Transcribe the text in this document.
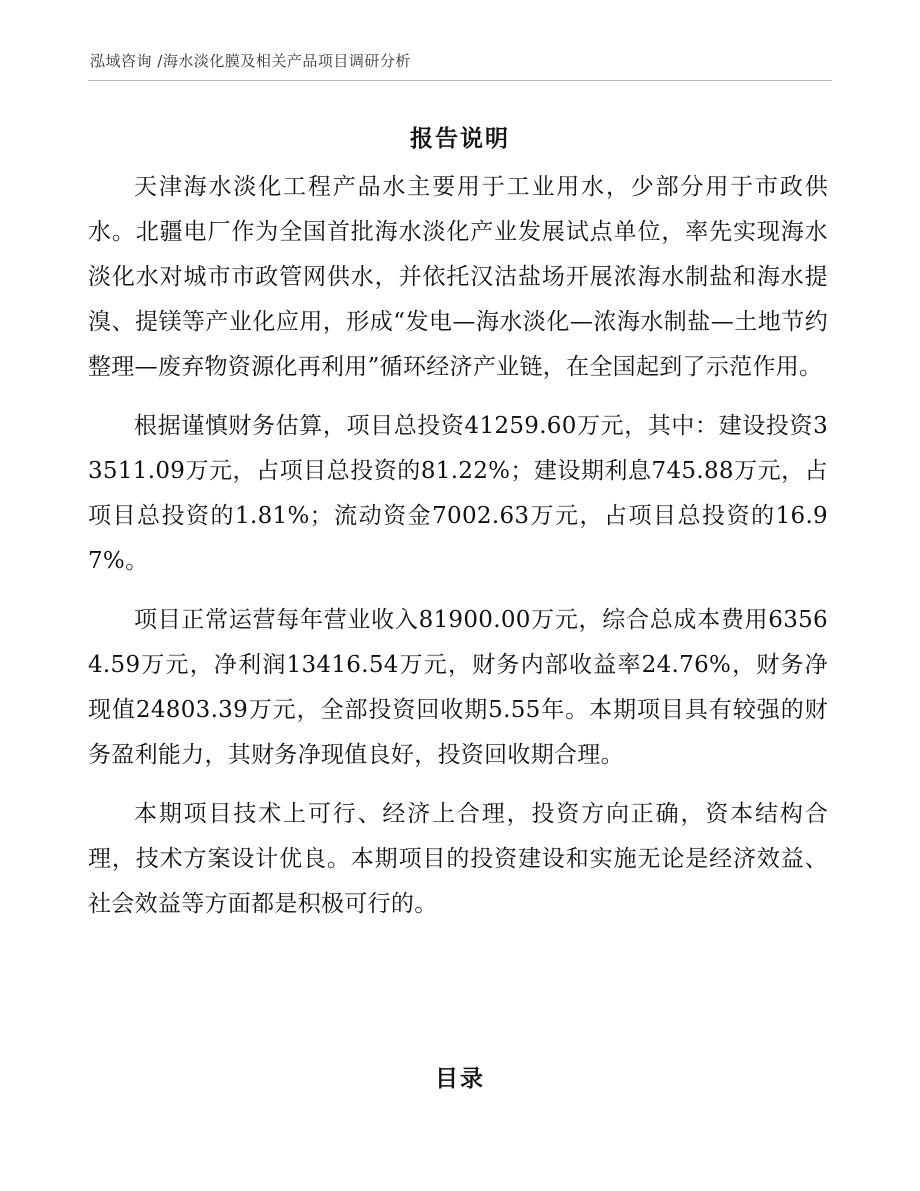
泓域咨询 /海水淡化膜及相关产品项目调研分析
报告说明

天津海水淡化工程产品水主要用于工业用水，少部分用于市政供水。北疆电厂作为全国首批海水淡化产业发展试点单位，率先实现海水淡化水对城市市政管网供水，并依托汉沽盐场开展浓海水制盐和海水提溴、提镁等产业化应用，形成“发电—海水淡化—浓海水制盐—土地节约整理—废弃物资源化再利用”循环经济产业链，在全国起到了示范作用。

根据谨慎财务估算，项目总投资41259.60万元，其中：建设投资33511.09万元，占项目总投资的81.22%；建设期利息745.88万元，占项目总投资的1.81%；流动资金7002.63万元，占项目总投资的16.97%。

项目正常运营每年营业收入81900.00万元，综合总成本费用63564.59万元，净利润13416.54万元，财务内部收益率24.76%，财务净现值24803.39万元，全部投资回收期5.55年。本期项目具有较强的财务盈利能力，其财务净现值良好，投资回收期合理。

本期项目技术上可行、经济上合理，投资方向正确，资本结构合理，技术方案设计优良。本期项目的投资建设和实施无论是经济效益、社会效益等方面都是积极可行的。

目录
